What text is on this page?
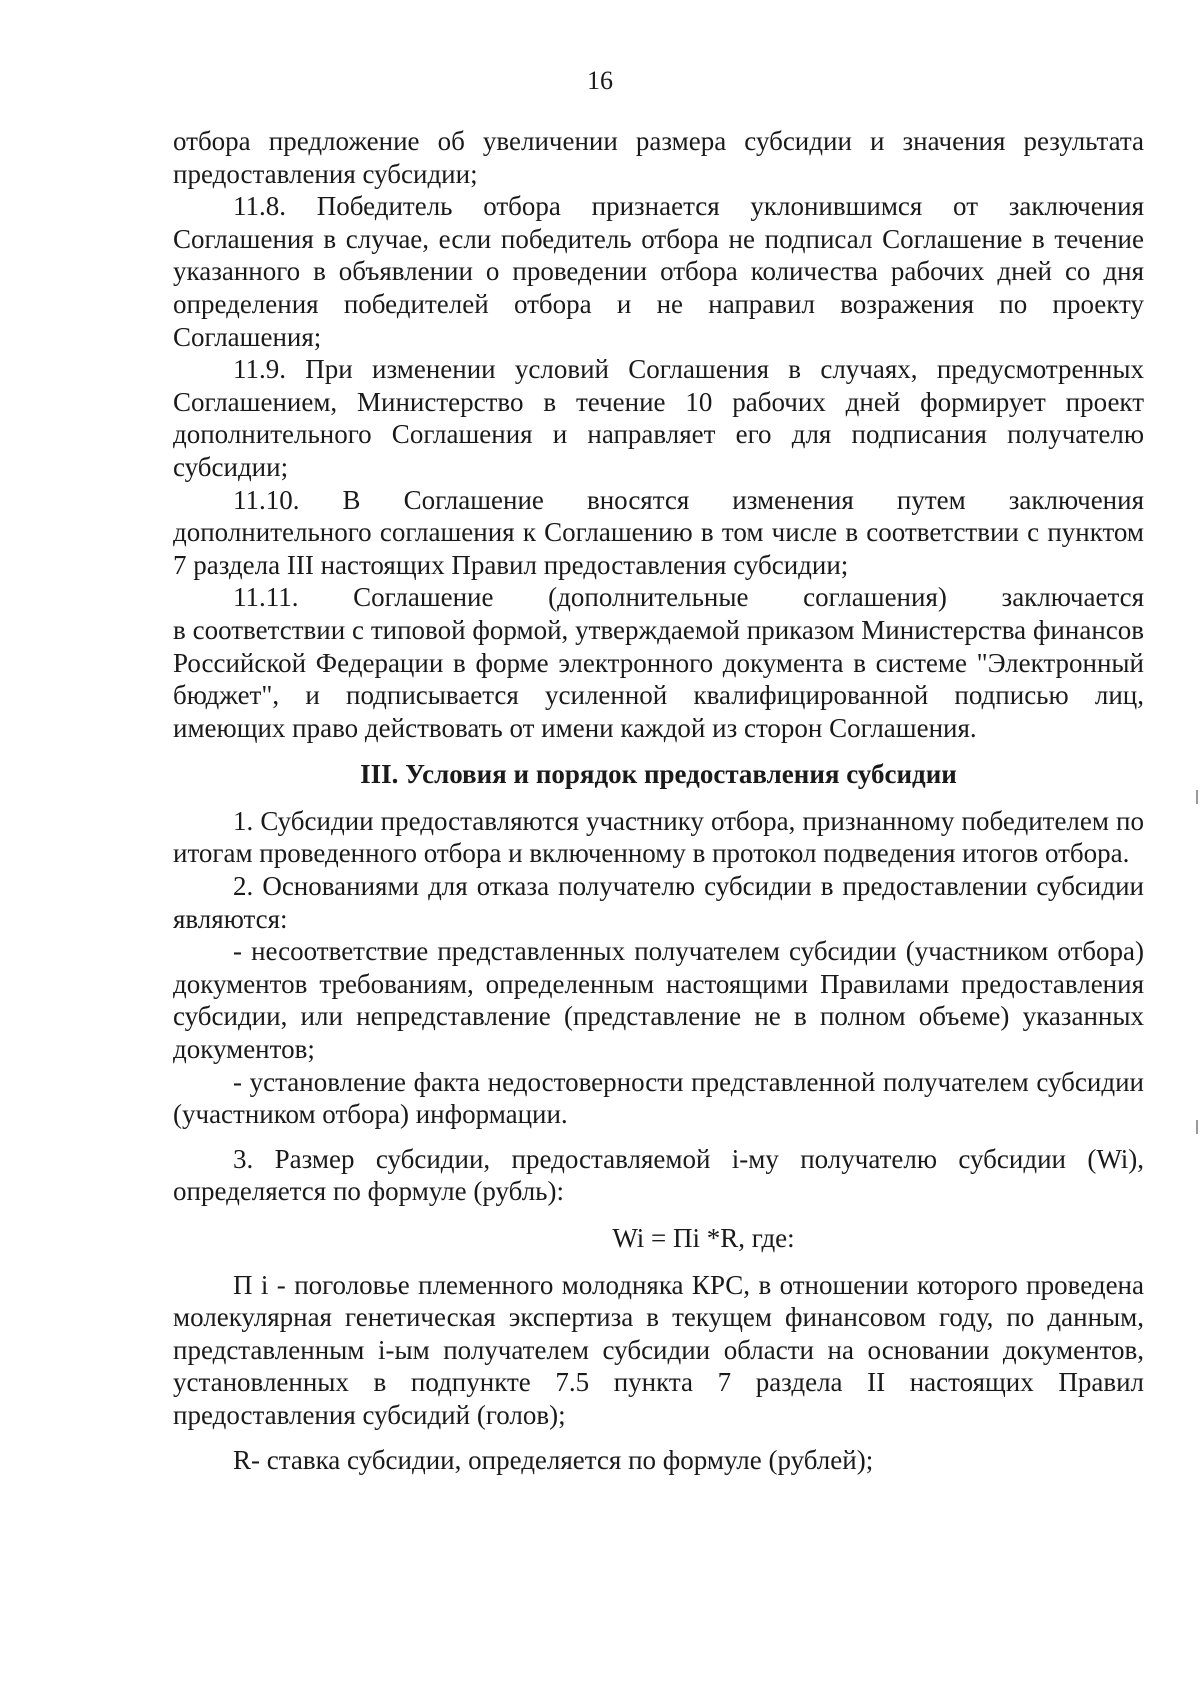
16

отбора предложение об увеличении размера субсидии и значения результата предоставления субсидии;

11.8. Победитель отбора признается уклонившимся от заключения

Соглашения в случае, если победитель отбора не подписал Соглашение в течение указанного в объявлении о проведении отбора количества рабочих дней со дня определения победителей отбора и не направил возражения по проекту Соглашения;

11.9. При изменении условий Соглашения в случаях, предусмотренных Соглашением, Министерство в течение 10 рабочих дней формирует проект дополнительного Соглашения и направляет его для подписания получателю субсидии;

11.10. В Соглашение вносятся изменения путем заключения

дополнительного соглашения к Соглашению в том числе в соответствии с пунктом 7 раздела III настоящих Правил предоставления субсидии;

11.11. Соглашение (дополнительные соглашения) заключается

в соответствии с типовой формой, утверждаемой приказом Министерства финансов Российской Федерации в форме электронного документа в системе "Электронный бюджет", и подписывается усиленной квалифицированной подписью лиц, имеющих право действовать от имени каждой из сторон Соглашения.

III. Условия и порядок предоставления субсидии

1. Субсидии предоставляются участнику отбора, признанному победителем по итогам проведенного отбора и включенному в протокол подведения итогов отбора.

2. Основаниями для отказа получателю субсидии в предоставлении субсидии являются:

- несоответствие представленных получателем субсидии (участником отбора) документов требованиям, определенным настоящими Правилами предоставления субсидии, или непредставление (представление не в полном объеме) указанных документов;

- установление факта недостоверности представленной получателем субсидии (участником отбора) информации.

3. Размер субсидии, предоставляемой i-му получателю субсидии (Wi), определяется по формуле (рубль):

Wi = Пi *R, где:

П i - поголовье племенного молодняка КРС, в отношении которого проведена молекулярная генетическая экспертиза в текущем финансовом году, по данным, представленным i-ым получателем субсидии области на основании документов, установленных в подпункте 7.5 пункта 7 раздела II настоящих Правил предоставления субсидий (голов);

R- ставка субсидии, определяется по формуле (рублей);
